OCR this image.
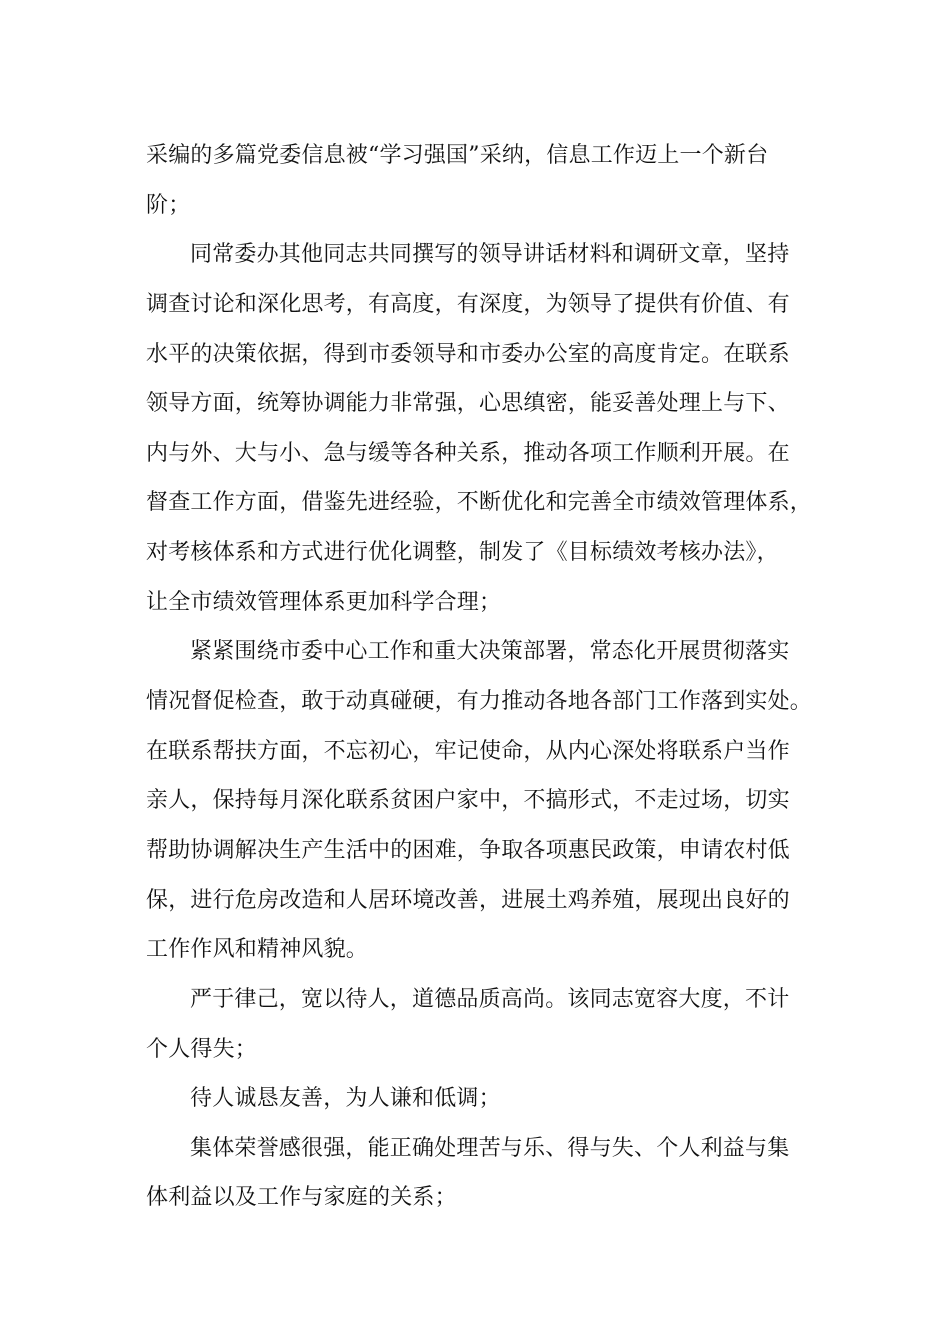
采编的多篇党委信息被“学习强国”采纳，信息工作迈上一个新台
阶；
同常委办其他同志共同撰写的领导讲话材料和调研文章，坚持
调查讨论和深化思考，有高度，有深度，为领导了提供有价值、有
水平的决策依据，得到市委领导和市委办公室的高度肯定。在联系
领导方面，统筹协调能力非常强，心思缜密，能妥善处理上与下、
内与外、大与小、急与缓等各种关系，推动各项工作顺利开展。在
督查工作方面，借鉴先进经验，不断优化和完善全市绩效管理体系，
对考核体系和方式进行优化调整，制发了《目标绩效考核办法》，
让全市绩效管理体系更加科学合理；
紧紧围绕市委中心工作和重大决策部署，常态化开展贯彻落实
情况督促检查，敢于动真碰硬，有力推动各地各部门工作落到实处。
在联系帮扶方面，不忘初心，牢记使命，从内心深处将联系户当作
亲人，保持每月深化联系贫困户家中，不搞形式，不走过场，切实
帮助协调解决生产生活中的困难，争取各项惠民政策，申请农村低
保，进行危房改造和人居环境改善，进展土鸡养殖，展现出良好的
工作作风和精神风貌。
严于律己，宽以待人，道德品质高尚。该同志宽容大度，不计
个人得失；
待人诚恳友善，为人谦和低调；
集体荣誉感很强，能正确处理苦与乐、得与失、个人利益与集
体利益以及工作与家庭的关系；
